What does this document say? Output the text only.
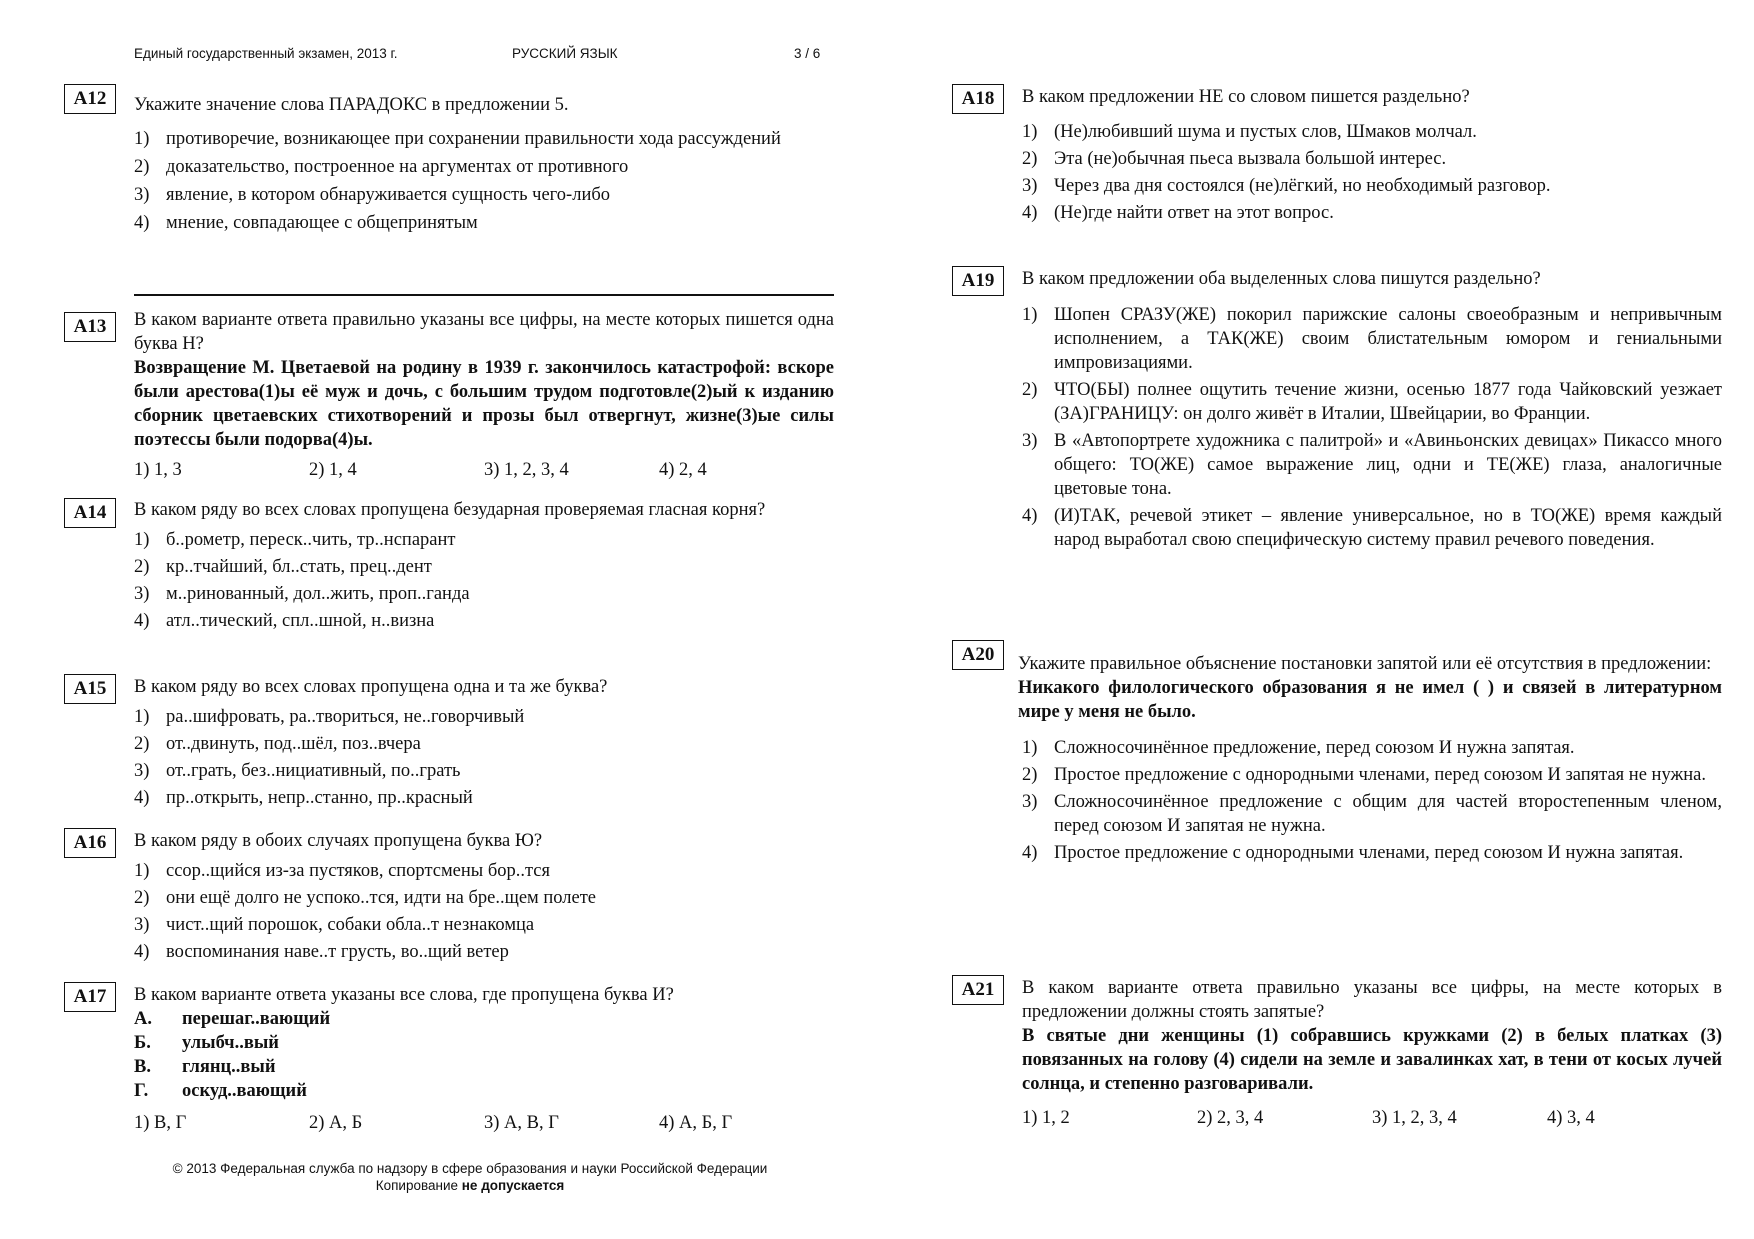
Единый государственный экзамен, 2013 г.	РУССКИЙ ЯЗЫК	3 / 6
A12	Укажите значение слова ПАРАДОКС в предложении 5.
1) противоречие, возникающее при сохранении правильности хода рассуждений
2) доказательство, построенное на аргументах от противного
3) явление, в котором обнаруживается сущность чего-либо
4) мнение, совпадающее с общепринятым
A13	В каком варианте ответа правильно указаны все цифры, на месте которых пишется одна буква Н?
Возвращение М. Цветаевой на родину в 1939 г. закончилось катастрофой: вскоре были арестова(1)ы её муж и дочь, с большим трудом подготовле(2)ый к изданию сборник цветаевских стихотворений и прозы был отвергнут, жизне(3)ые силы поэтессы были подорва(4)ы.
1) 1, 3	2) 1, 4	3) 1, 2, 3, 4	4) 2, 4
A14	В каком ряду во всех словах пропущена безударная проверяемая гласная корня?
1) б..рометр, переск..чить, тр..нспарант
2) кр..тчайший, бл..стать, прец..дент
3) м..ринованный, дол..жить, проп..ганда
4) атл..тический, спл..шной, н..визна
A15	В каком ряду во всех словах пропущена одна и та же буква?
1) ра..шифровать, ра..твориться, не..говорчивый
2) от..двинуть, под..шёл, поз..вчера
3) от..грать, без..нициативный, по..грать
4) пр..открыть, непр..станно, пр..красный
A16	В каком ряду в обоих случаях пропущена буква Ю?
1) ссор..щийся из-за пустяков, спортсмены бор..тся
2) они ещё долго не успоко..тся, идти на бре..щем полете
3) чист..щий порошок, собаки обла..т незнакомца
4) воспоминания наве..т грусть, во..щий ветер
A17	В каком варианте ответа указаны все слова, где пропущена буква И?
А.	перешаг..вающий
Б.	улыбч..вый
В.	глянц..вый
Г.	оскуд..вающий
1) В, Г	2) А, Б	3) А, В, Г	4) А, Б, Г
© 2013 Федеральная служба по надзору в сфере образования и науки Российской Федерации
Копирование не допускается
A18	В каком предложении НЕ со словом пишется раздельно?
1) (Не)любивший шума и пустых слов, Шмаков молчал.
2) Эта (не)обычная пьеса вызвала большой интерес.
3) Через два дня состоялся (не)лёгкий, но необходимый разговор.
4) (Не)где найти ответ на этот вопрос.
A19	В каком предложении оба выделенных слова пишутся раздельно?
1) Шопен СРАЗУ(ЖЕ) покорил парижские салоны своеобразным и непривычным исполнением, а ТАК(ЖЕ) своим блистательным юмором и гениальными импровизациями.
2) ЧТО(БЫ) полнее ощутить течение жизни, осенью 1877 года Чайковский уезжает (ЗА)ГРАНИЦУ: он долго живёт в Италии, Швейцарии, во Франции.
3) В «Автопортрете художника с палитрой» и «Авиньонских девицах» Пикассо много общего: ТО(ЖЕ) самое выражение лиц, одни и ТЕ(ЖЕ) глаза, аналогичные цветовые тона.
4) (И)ТАК, речевой этикет – явление универсальное, но в ТО(ЖЕ) время каждый народ выработал свою специфическую систему правил речевого поведения.
A20	Укажите правильное объяснение постановки запятой или её отсутствия в предложении:
Никакого филологического образования я не имел ( ) и связей в литературном мире у меня не было.
1) Сложносочинённое предложение, перед союзом И нужна запятая.
2) Простое предложение с однородными членами, перед союзом И запятая не нужна.
3) Сложносочинённое предложение с общим для частей второстепенным членом, перед союзом И запятая не нужна.
4) Простое предложение с однородными членами, перед союзом И нужна запятая.
A21	В каком варианте ответа правильно указаны все цифры, на месте которых в предложении должны стоять запятые?
В святые дни женщины (1) собравшись кружками (2) в белых платках (3) повязанных на голову (4) сидели на земле и завалинках хат, в тени от косых лучей солнца, и степенно разговаривали.
1) 1, 2	2) 2, 3, 4	3) 1, 2, 3, 4	4) 3, 4
